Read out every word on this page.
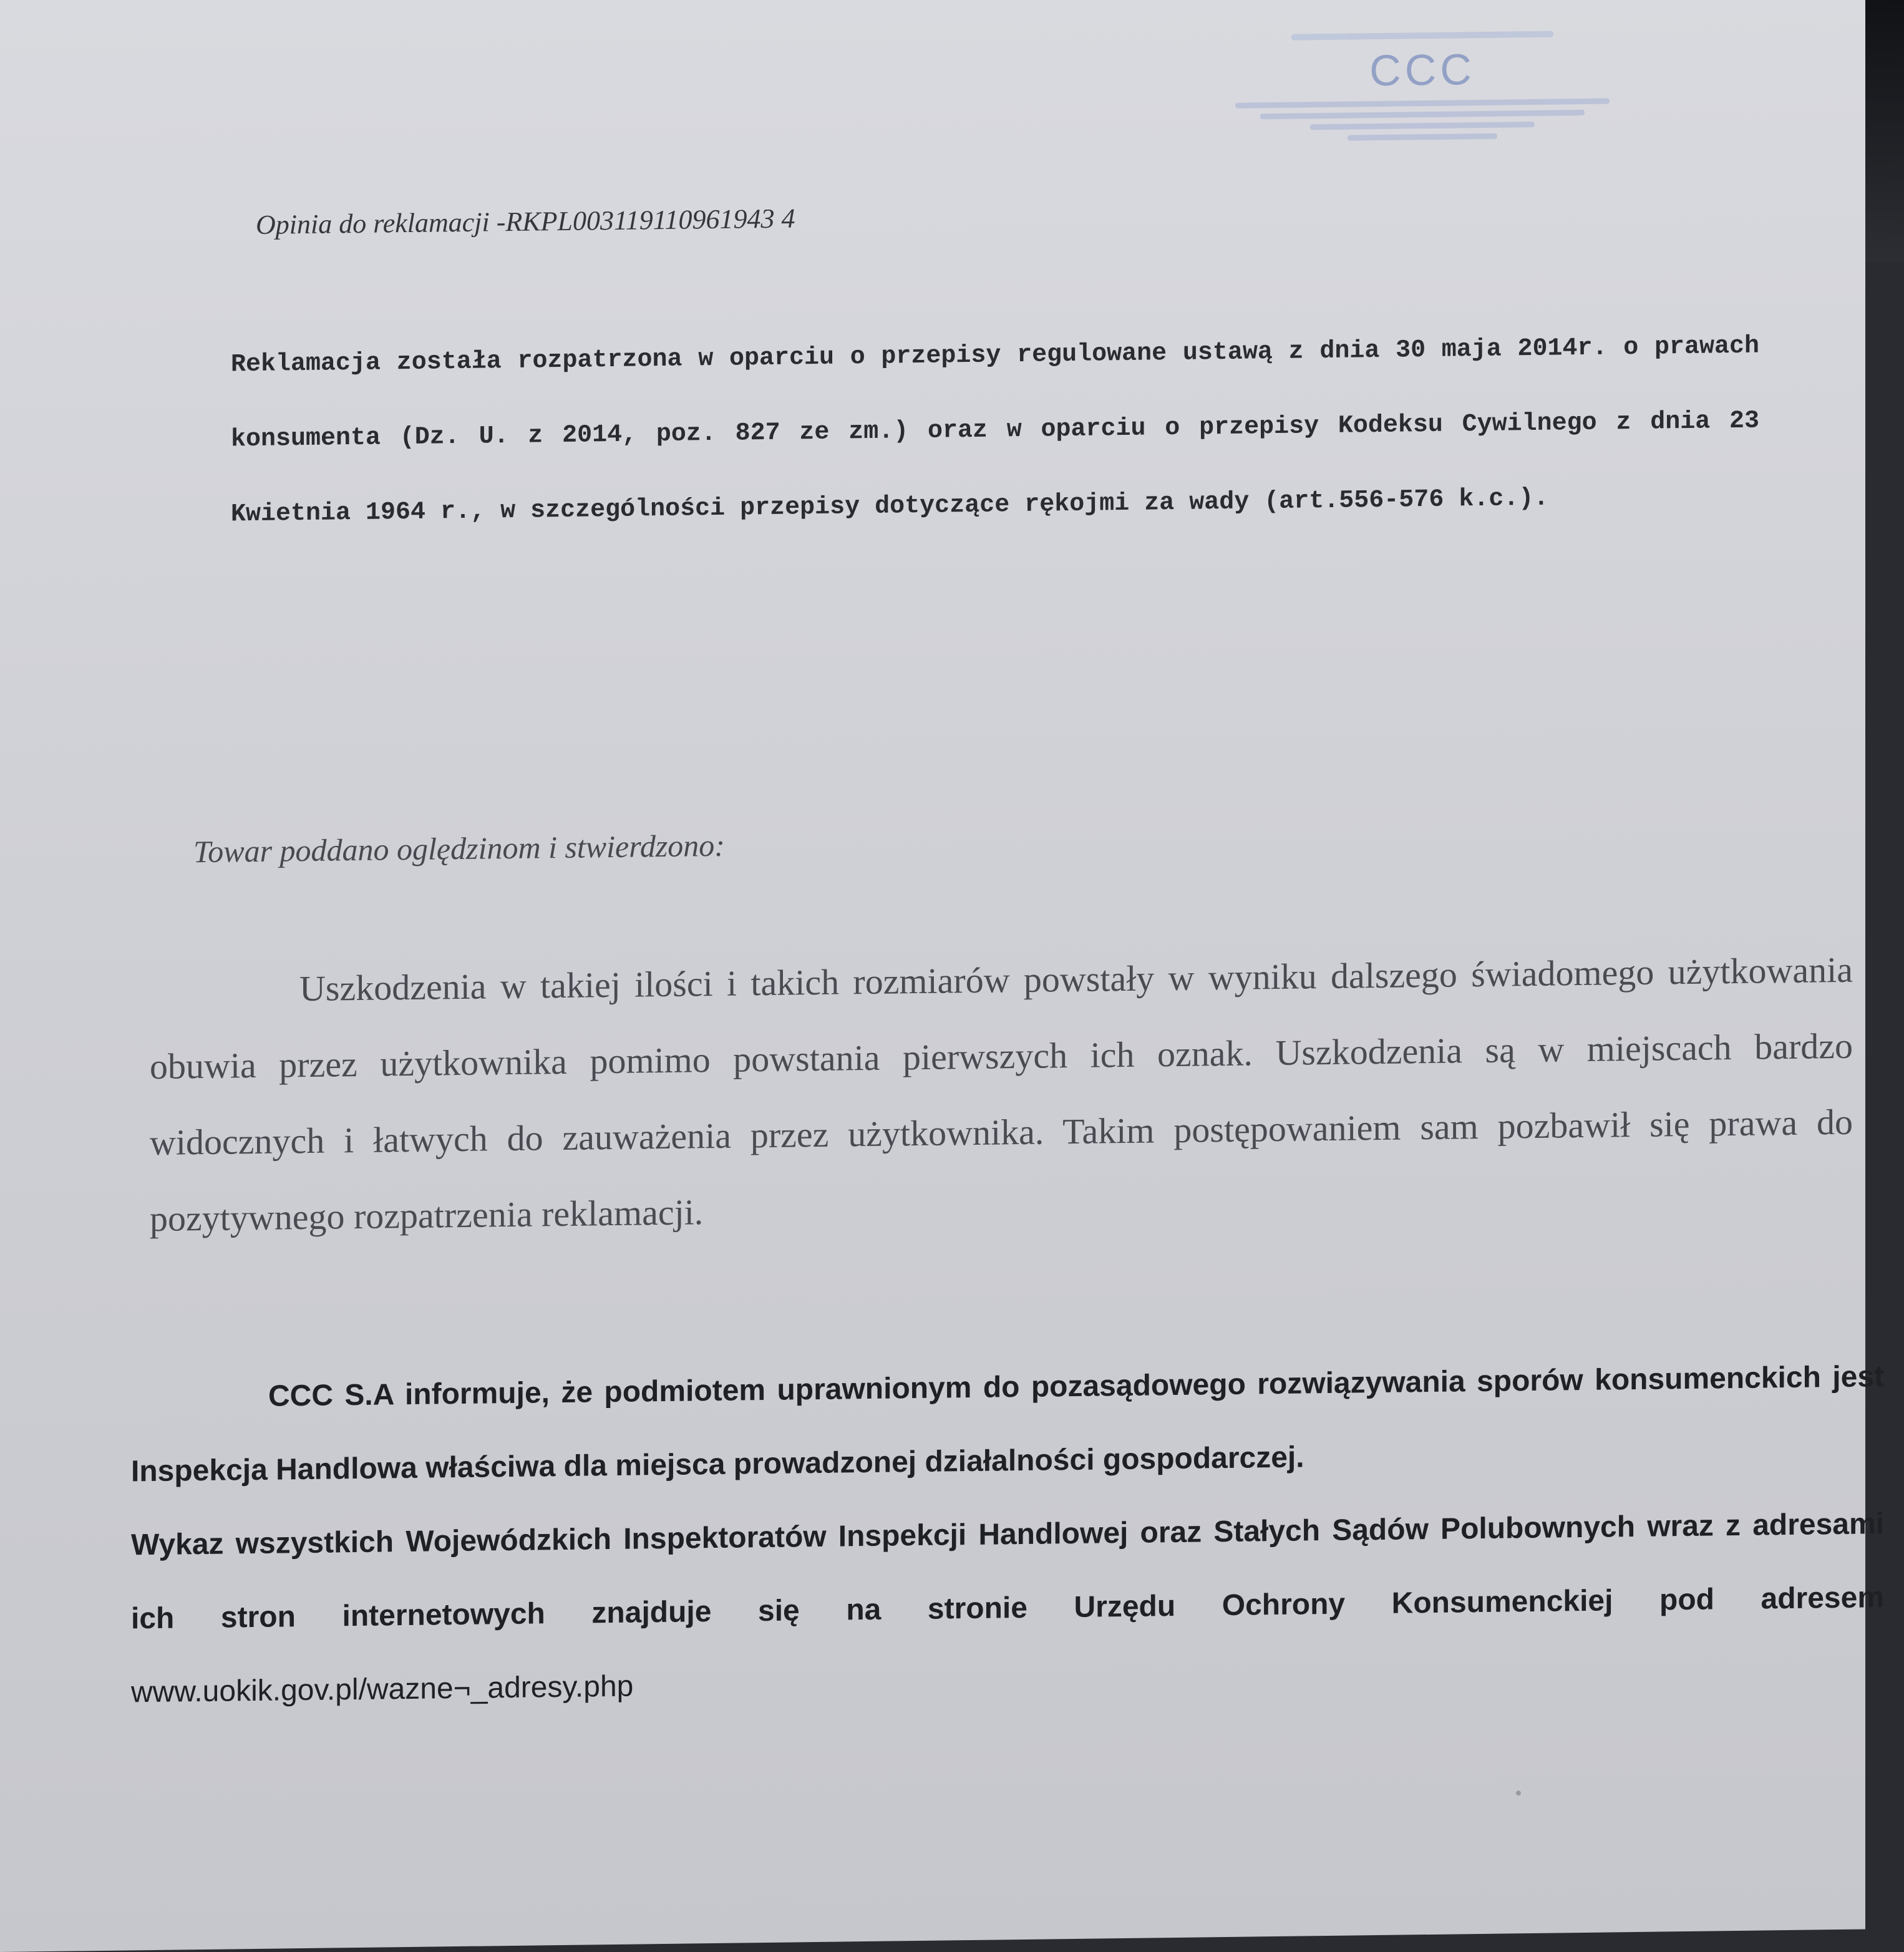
CCC
Opinia do reklamacji -RKPL003119110961943 4
Reklamacja została rozpatrzona w oparciu o przepisy regulowane ustawą z dnia 30 maja 2014r. o prawach konsumenta (Dz. U. z 2014, poz. 827 ze zm.) oraz w oparciu o przepisy Kodeksu Cywilnego z dnia 23 Kwietnia 1964 r., w szczególności przepisy dotyczące rękojmi za wady (art.556-576 k.c.).
Towar poddano oględzinom i stwierdzono:
Uszkodzenia w takiej ilości i takich rozmiarów powstały w wyniku dalszego świadomego użytkowania obuwia przez użytkownika pomimo powstania pierwszych ich oznak. Uszkodzenia są w miejscach bardzo widocznych i łatwych do zauważenia przez użytkownika. Takim postępowaniem sam pozbawił się prawa do pozytywnego rozpatrzenia reklamacji.

CCC S.A informuje, że podmiotem uprawnionym do pozasądowego rozwiązywania sporów konsumenckich jest Inspekcja Handlowa właściwa dla miejsca prowadzonej działalności gospodarczej.

Wykaz wszystkich Wojewódzkich Inspektoratów Inspekcji Handlowej oraz Stałych Sądów Polubownych wraz z adresami ich stron internetowych znajduje się na stronie Urzędu Ochrony Konsumenckiej pod adresem www.uokik.gov.pl/wazne¬_adresy.php
